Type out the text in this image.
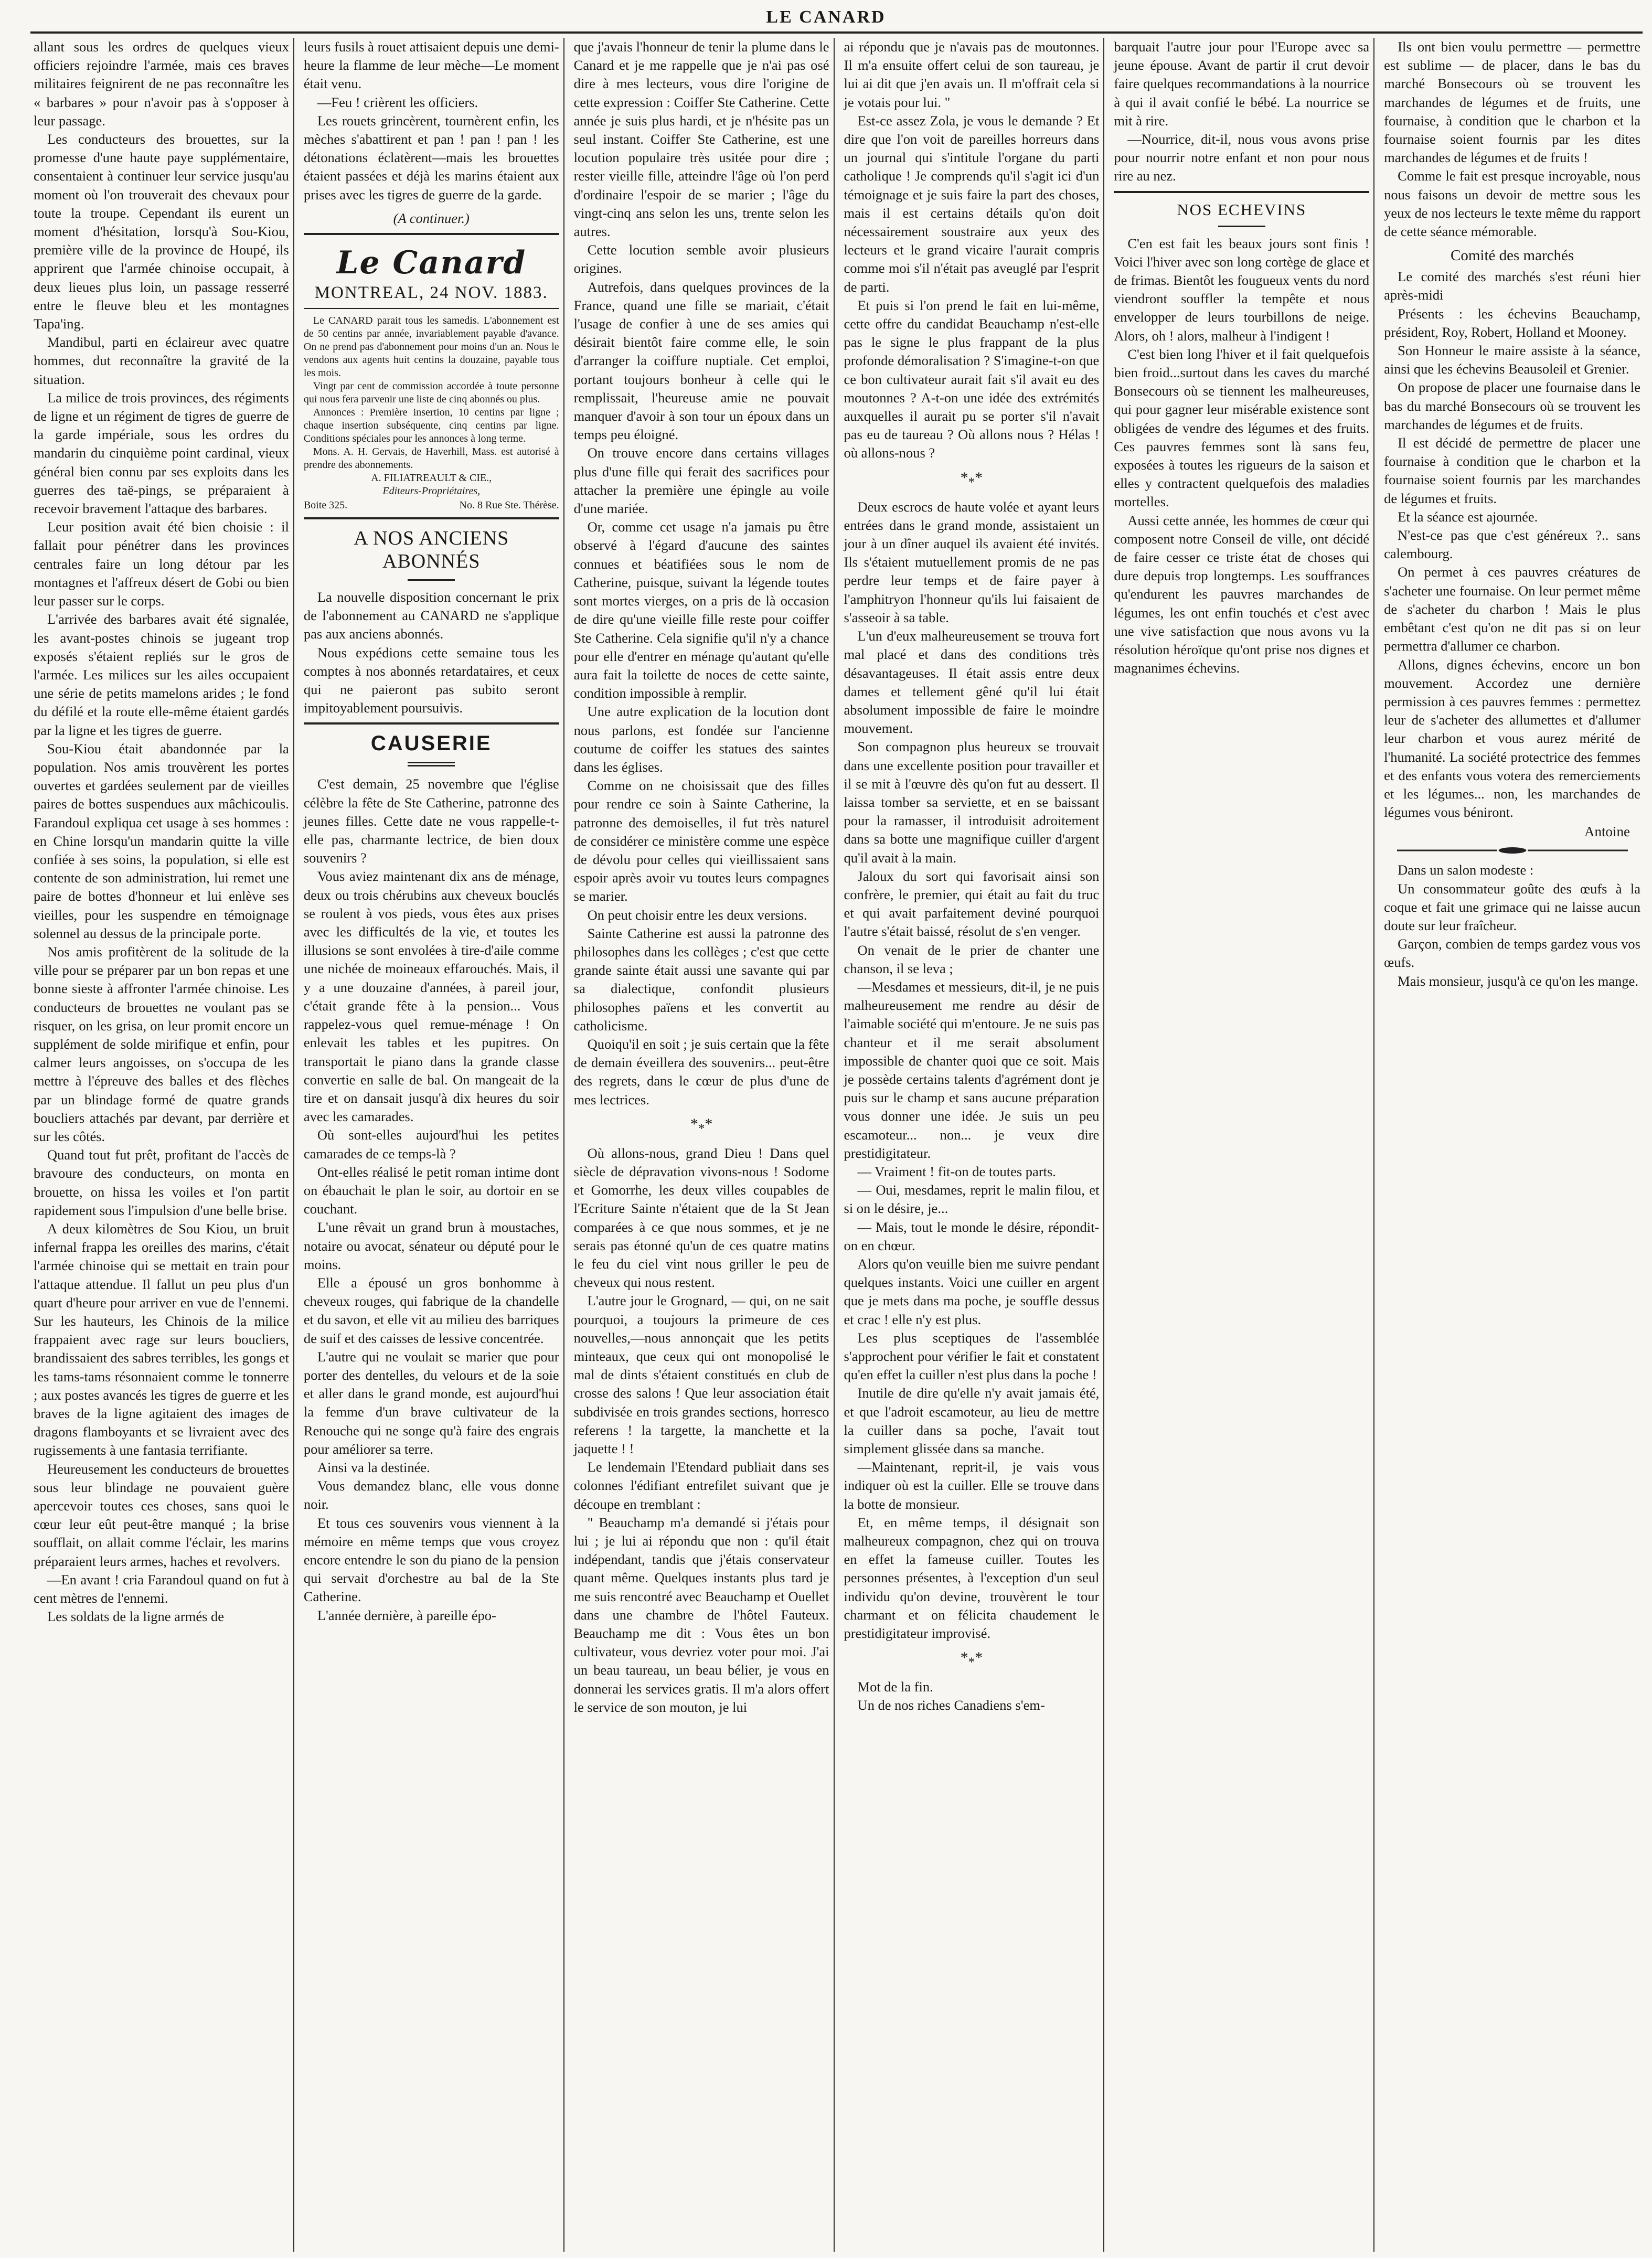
LE CANARD

allant sous les ordres de quelques vieux officiers rejoindre l'armée, mais ces braves militaires feignirent de ne pas reconnaître les « barbares » pour n'avoir pas à s'opposer à leur passage.

Les conducteurs des brouettes, sur la promesse d'une haute paye supplémentaire, consentaient à continuer leur service jusqu'au moment où l'on trouverait des chevaux pour toute la troupe. Cependant ils eurent un moment d'hésitation, lorsqu'à Sou-Kiou, première ville de la province de Houpé, ils apprirent que l'armée chinoise occupait, à deux lieues plus loin, un passage resserré entre le fleuve bleu et les montagnes Tapa'ing.

Mandibul, parti en éclaireur avec quatre hommes, dut reconnaître la gravité de la situation.

La milice de trois provinces, des régiments de ligne et un régiment de tigres de guerre de la garde impériale, sous les ordres du mandarin du cinquième point cardinal, vieux général bien connu par ses exploits dans les guerres des taë-pings, se préparaient à recevoir bravement l'attaque des barbares.

Leur position avait été bien choisie : il fallait pour pénétrer dans les provinces centrales faire un long détour par les montagnes et l'affreux désert de Gobi ou bien leur passer sur le corps.

L'arrivée des barbares avait été signalée, les avant-postes chinois se jugeant trop exposés s'étaient repliés sur le gros de l'armée. Les milices sur les ailes occupaient une série de petits mamelons arides ; le fond du défilé et la route elle-même étaient gardés par la ligne et les tigres de guerre.

Sou-Kiou était abandonnée par la population. Nos amis trouvèrent les portes ouvertes et gardées seulement par de vieilles paires de bottes suspendues aux mâchicoulis. Farandoul expliqua cet usage à ses hommes : en Chine lorsqu'un mandarin quitte la ville confiée à ses soins, la population, si elle est contente de son administration, lui remet une paire de bottes d'honneur et lui enlève ses vieilles, pour les suspendre en témoignage solennel au dessus de la principale porte.

Nos amis profitèrent de la solitude de la ville pour se préparer par un bon repas et une bonne sieste à affronter l'armée chinoise. Les conducteurs de brouettes ne voulant pas se risquer, on les grisa, on leur promit encore un supplément de solde mirifique et enfin, pour calmer leurs angoisses, on s'occupa de les mettre à l'épreuve des balles et des flèches par un blindage formé de quatre grands boucliers attachés par devant, par derrière et sur les côtés.

Quand tout fut prêt, profitant de l'accès de bravoure des conducteurs, on monta en brouette, on hissa les voiles et l'on partit rapidement sous l'impulsion d'une belle brise.

A deux kilomètres de Sou Kiou, un bruit infernal frappa les oreilles des marins, c'était l'armée chinoise qui se mettait en train pour l'attaque attendue. Il fallut un peu plus d'un quart d'heure pour arriver en vue de l'ennemi. Sur les hauteurs, les Chinois de la milice frappaient avec rage sur leurs boucliers, brandissaient des sabres terribles, les gongs et les tams-tams résonnaient comme le tonnerre ; aux postes avancés les tigres de guerre et les braves de la ligne agitaient des images de dragons flamboyants et se livraient avec des rugissements à une fantasia terrifiante.

Heureusement les conducteurs de brouettes sous leur blindage ne pouvaient guère apercevoir toutes ces choses, sans quoi le cœur leur eût peut-être manqué ; la brise soufflait, on allait comme l'éclair, les marins préparaient leurs armes, haches et revolvers.

—En avant ! cria Farandoul quand on fut à cent mètres de l'ennemi.

Les soldats de la ligne armés de

leurs fusils à rouet attisaient depuis une demi-heure la flamme de leur mèche—Le moment était venu.

—Feu ! crièrent les officiers.

Les rouets grincèrent, tournèrent enfin, les mèches s'abattirent et pan ! pan ! pan ! les détonations éclatèrent—mais les brouettes étaient passées et déjà les marins étaient aux prises avec les tigres de guerre de la garde.

(A continuer.)

Le Canard
MONTREAL, 24 NOV. 1883.

Le CANARD parait tous les samedis. L'abonnement est de 50 centins par année, invariablement payable d'avance. On ne prend pas d'abonnement pour moins d'un an. Nous le vendons aux agents huit centins la douzaine, payable tous les mois.

Vingt par cent de commission accordée à toute personne qui nous fera parvenir une liste de cinq abonnés ou plus.

Annonces : Première insertion, 10 centins par ligne ; chaque insertion subséquente, cinq centins par ligne. Conditions spéciales pour les annonces à long terme.

Mons. A. H. Gervais, de Haverhill, Mass. est autorisé à prendre des abonnements.

A. FILIATREAULT & CIE.,

Editeurs-Propriétaires,

Boite 325.	No. 8 Rue Ste. Thérèse.
A NOS ANCIENS ABONNÉS

La nouvelle disposition concernant le prix de l'abonnement au CANARD ne s'applique pas aux anciens abonnés.

Nous expédions cette semaine tous les comptes à nos abonnés retardataires, et ceux qui ne paieront pas subito seront impitoyablement poursuivis.

CAUSERIE

C'est demain, 25 novembre que l'église célèbre la fête de Ste Catherine, patronne des jeunes filles. Cette date ne vous rappelle-t-elle pas, charmante lectrice, de bien doux souvenirs ?

Vous aviez maintenant dix ans de ménage, deux ou trois chérubins aux cheveux bouclés se roulent à vos pieds, vous êtes aux prises avec les difficultés de la vie, et toutes les illusions se sont envolées à tire-d'aile comme une nichée de moineaux effarouchés. Mais, il y a une douzaine d'années, à pareil jour, c'était grande fête à la pension... Vous rappelez-vous quel remue-ménage ! On enlevait les tables et les pupitres. On transportait le piano dans la grande classe convertie en salle de bal. On mangeait de la tire et on dansait jusqu'à dix heures du soir avec les camarades.

Où sont-elles aujourd'hui les petites camarades de ce temps-là ?

Ont-elles réalisé le petit roman intime dont on ébauchait le plan le soir, au dortoir en se couchant.

L'une rêvait un grand brun à moustaches, notaire ou avocat, sénateur ou député pour le moins.

Elle a épousé un gros bonhomme à cheveux rouges, qui fabrique de la chandelle et du savon, et elle vit au milieu des barriques de suif et des caisses de lessive concentrée.

L'autre qui ne voulait se marier que pour porter des dentelles, du velours et de la soie et aller dans le grand monde, est aujourd'hui la femme d'un brave cultivateur de la Renouche qui ne songe qu'à faire des engrais pour améliorer sa terre.

Ainsi va la destinée.

Vous demandez blanc, elle vous donne noir.

Et tous ces souvenirs vous viennent à la mémoire en même temps que vous croyez encore entendre le son du piano de la pension qui servait d'orchestre au bal de la Ste Catherine.

L'année dernière, à pareille épo-

que j'avais l'honneur de tenir la plume dans le Canard et je me rappelle que je n'ai pas osé dire à mes lecteurs, vous dire l'origine de cette expression : Coiffer Ste Catherine. Cette année je suis plus hardi, et je n'hésite pas un seul instant. Coiffer Ste Catherine, est une locution populaire très usitée pour dire ; rester vieille fille, atteindre l'âge où l'on perd d'ordinaire l'espoir de se marier ; l'âge du vingt-cinq ans selon les uns, trente selon les autres.

Cette locution semble avoir plusieurs origines.

Autrefois, dans quelques provinces de la France, quand une fille se mariait, c'était l'usage de confier à une de ses amies qui désirait bientôt faire comme elle, le soin d'arranger la coiffure nuptiale. Cet emploi, portant toujours bonheur à celle qui le remplissait, l'heureuse amie ne pouvait manquer d'avoir à son tour un époux dans un temps peu éloigné.

On trouve encore dans certains villages plus d'une fille qui ferait des sacrifices pour attacher la première une épingle au voile d'une mariée.

Or, comme cet usage n'a jamais pu être observé à l'égard d'aucune des saintes connues et béatifiées sous le nom de Catherine, puisque, suivant la légende toutes sont mortes vierges, on a pris de là occasion de dire qu'une vieille fille reste pour coiffer Ste Catherine. Cela signifie qu'il n'y a chance pour elle d'entrer en ménage qu'autant qu'elle aura fait la toilette de noces de cette sainte, condition impossible à remplir.

Une autre explication de la locution dont nous parlons, est fondée sur l'ancienne coutume de coiffer les statues des saintes dans les églises.

Comme on ne choisissait que des filles pour rendre ce soin à Sainte Catherine, la patronne des demoiselles, il fut très naturel de considérer ce ministère comme une espèce de dévolu pour celles qui vieillissaient sans espoir après avoir vu toutes leurs compagnes se marier.

On peut choisir entre les deux versions.

Sainte Catherine est aussi la patronne des philosophes dans les collèges ; c'est que cette grande sainte était aussi une savante qui par sa dialectique, confondit plusieurs philosophes païens et les convertit au catholicisme.

Quoiqu'il en soit ; je suis certain que la fête de demain éveillera des souvenirs... peut-être des regrets, dans le cœur de plus d'une de mes lectrices.

$*_**$

Où allons-nous, grand Dieu ! Dans quel siècle de dépravation vivons-nous ! Sodome et Gomorrhe, les deux villes coupables de l'Ecriture Sainte n'étaient que de la St Jean comparées à ce que nous sommes, et je ne serais pas étonné qu'un de ces quatre matins le feu du ciel vint nous griller le peu de cheveux qui nous restent.

L'autre jour le Grognard, — qui, on ne sait pourquoi, a toujours la primeure de ces nouvelles,—nous annonçait que les petits minteaux, que ceux qui ont monopolisé le mal de dints s'étaient constitués en club de crosse des salons ! Que leur association était subdivisée en trois grandes sections, horresco referens ! la targette, la manchette et la jaquette ! !

Le lendemain l'Etendard publiait dans ses colonnes l'édifiant entrefilet suivant que je découpe en tremblant :

" Beauchamp m'a demandé si j'étais pour lui ; je lui ai répondu que non : qu'il était indépendant, tandis que j'étais conservateur quant même. Quelques instants plus tard je me suis rencontré avec Beauchamp et Ouellet dans une chambre de l'hôtel Fauteux. Beauchamp me dit : Vous êtes un bon cultivateur, vous devriez voter pour moi. J'ai un beau taureau, un beau bélier, je vous en donnerai les services gratis. Il m'a alors offert le service de son mouton, je lui

ai répondu que je n'avais pas de moutonnes. Il m'a ensuite offert celui de son taureau, je lui ai dit que j'en avais un. Il m'offrait cela si je votais pour lui. "

Est-ce assez Zola, je vous le demande ? Et dire que l'on voit de pareilles horreurs dans un journal qui s'intitule l'organe du parti catholique ! Je comprends qu'il s'agit ici d'un témoignage et je suis faire la part des choses, mais il est certains détails qu'on doit nécessairement soustraire aux yeux des lecteurs et le grand vicaire l'aurait compris comme moi s'il n'était pas aveuglé par l'esprit de parti.

Et puis si l'on prend le fait en lui-même, cette offre du candidat Beauchamp n'est-elle pas le signe le plus frappant de la plus profonde démoralisation ? S'imagine-t-on que ce bon cultivateur aurait fait s'il avait eu des moutonnes ? A-t-on une idée des extrémités auxquelles il aurait pu se porter s'il n'avait pas eu de taureau ? Où allons nous ? Hélas ! où allons-nous ?

$*_**$

Deux escrocs de haute volée et ayant leurs entrées dans le grand monde, assistaient un jour à un dîner auquel ils avaient été invités. Ils s'étaient mutuellement promis de ne pas perdre leur temps et de faire payer à l'amphitryon l'honneur qu'ils lui faisaient de s'asseoir à sa table.

L'un d'eux malheureusement se trouva fort mal placé et dans des conditions très désavantageuses. Il était assis entre deux dames et tellement gêné qu'il lui était absolument impossible de faire le moindre mouvement.

Son compagnon plus heureux se trouvait dans une excellente position pour travailler et il se mit à l'œuvre dès qu'on fut au dessert. Il laissa tomber sa serviette, et en se baissant pour la ramasser, il introduisit adroitement dans sa botte une magnifique cuiller d'argent qu'il avait à la main.

Jaloux du sort qui favorisait ainsi son confrère, le premier, qui était au fait du truc et qui avait parfaitement deviné pourquoi l'autre s'était baissé, résolut de s'en venger.

On venait de le prier de chanter une chanson, il se leva ;

—Mesdames et messieurs, dit-il, je ne puis malheureusement me rendre au désir de l'aimable société qui m'entoure. Je ne suis pas chanteur et il me serait absolument impossible de chanter quoi que ce soit. Mais je possède certains talents d'agrément dont je puis sur le champ et sans aucune préparation vous donner une idée. Je suis un peu escamoteur... non... je veux dire prestidigitateur.

— Vraiment ! fit-on de toutes parts.

— Oui, mesdames, reprit le malin filou, et si on le désire, je...

— Mais, tout le monde le désire, répondit-on en chœur.

Alors qu'on veuille bien me suivre pendant quelques instants. Voici une cuiller en argent que je mets dans ma poche, je souffle dessus et crac ! elle n'y est plus.

Les plus sceptiques de l'assemblée s'approchent pour vérifier le fait et constatent qu'en effet la cuiller n'est plus dans la poche !

Inutile de dire qu'elle n'y avait jamais été, et que l'adroit escamoteur, au lieu de mettre la cuiller dans sa poche, l'avait tout simplement glissée dans sa manche.

—Maintenant, reprit-il, je vais vous indiquer où est la cuiller. Elle se trouve dans la botte de monsieur.

Et, en même temps, il désignait son malheureux compagnon, chez qui on trouva en effet la fameuse cuiller. Toutes les personnes présentes, à l'exception d'un seul individu qu'on devine, trouvèrent le tour charmant et on félicita chaudement le prestidigitateur improvisé.

$*_**$

Mot de la fin.

Un de nos riches Canadiens s'em-

barquait l'autre jour pour l'Europe avec sa jeune épouse. Avant de partir il crut devoir faire quelques recommandations à la nourrice à qui il avait confié le bébé. La nourrice se mit à rire.

—Nourrice, dit-il, nous vous avons prise pour nourrir notre enfant et non pour nous rire au nez.

NOS ECHEVINS

C'en est fait les beaux jours sont finis ! Voici l'hiver avec son long cortège de glace et de frimas. Bientôt les fougueux vents du nord viendront souffler la tempête et nous envelopper de leurs tourbillons de neige. Alors, oh ! alors, malheur à l'indigent !

C'est bien long l'hiver et il fait quelquefois bien froid...surtout dans les caves du marché Bonsecours où se tiennent les malheureuses, qui pour gagner leur misérable existence sont obligées de vendre des légumes et des fruits. Ces pauvres femmes sont là sans feu, exposées à toutes les rigueurs de la saison et elles y contractent quelquefois des maladies mortelles.

Aussi cette année, les hommes de cœur qui composent notre Conseil de ville, ont décidé de faire cesser ce triste état de choses qui dure depuis trop longtemps. Les souffrances qu'endurent les pauvres marchandes de légumes, les ont enfin touchés et c'est avec une vive satisfaction que nous avons vu la résolution héroïque qu'ont prise nos dignes et magnanimes échevins.

Ils ont bien voulu permettre — permettre est sublime — de placer, dans le bas du marché Bonsecours où se trouvent les marchandes de légumes et de fruits, une fournaise, à condition que le charbon et la fournaise soient fournis par les dites marchandes de légumes et de fruits !

Comme le fait est presque incroyable, nous nous faisons un devoir de mettre sous les yeux de nos lecteurs le texte même du rapport de cette séance mémorable.

Comité des marchés

Le comité des marchés s'est réuni hier après-midi

Présents : les échevins Beauchamp, président, Roy, Robert, Holland et Mooney.

Son Honneur le maire assiste à la séance, ainsi que les échevins Beausoleil et Grenier.

On propose de placer une fournaise dans le bas du marché Bonsecours où se trouvent les marchandes de légumes et de fruits.

Il est décidé de permettre de placer une fournaise à condition que le charbon et la fournaise soient fournis par les marchandes de légumes et fruits.

Et la séance est ajournée.

N'est-ce pas que c'est généreux ?.. sans calembourg.

On permet à ces pauvres créatures de s'acheter une fournaise. On leur permet même de s'acheter du charbon ! Mais le plus embêtant c'est qu'on ne dit pas si on leur permettra d'allumer ce charbon.

Allons, dignes échevins, encore un bon mouvement. Accordez une dernière permission à ces pauvres femmes : permettez leur de s'acheter des allumettes et d'allumer leur charbon et vous aurez mérité de l'humanité. La société protectrice des femmes et des enfants vous votera des remerciements et les légumes... non, les marchandes de légumes vous béniront.

Antoine

Dans un salon modeste :

Un consommateur goûte des œufs à la coque et fait une grimace qui ne laisse aucun doute sur leur fraîcheur.

Garçon, combien de temps gardez vous vos œufs.

Mais monsieur, jusqu'à ce qu'on les mange.
